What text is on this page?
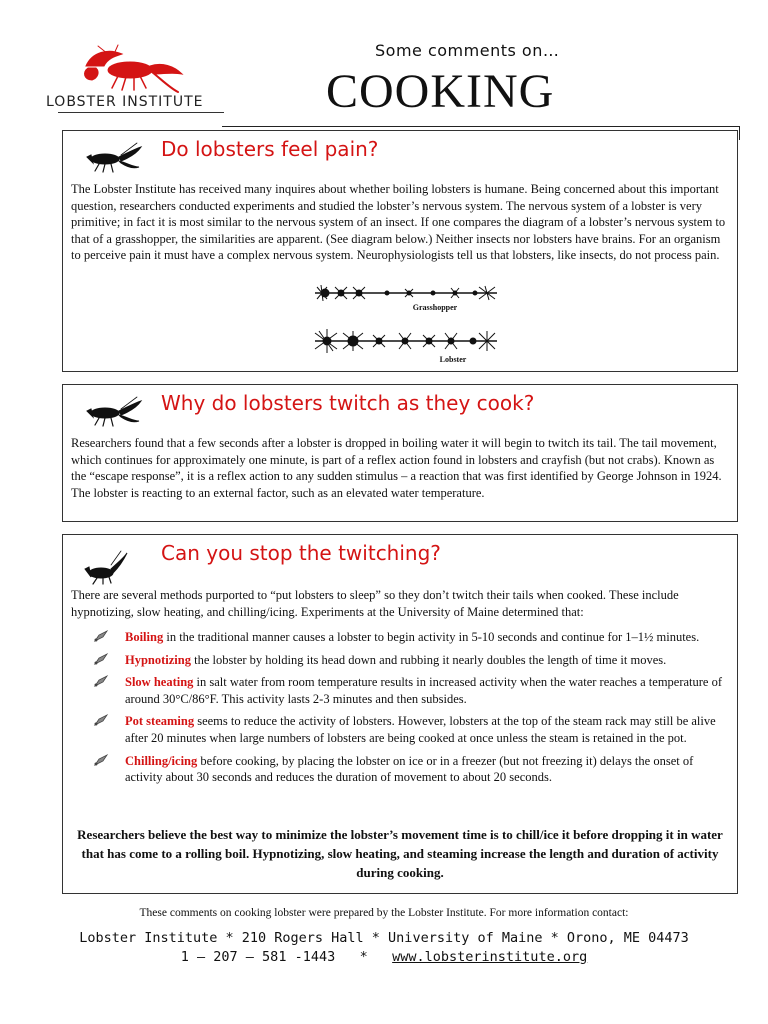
LOBSTER INSTITUTE
Some comments on…
COOKING
Do lobsters feel pain?
The Lobster Institute has received many inquires about whether boiling lobsters is humane. Being concerned about this important question, researchers conducted experiments and studied the lobster’s nervous system. The nervous system of a lobster is very primitive; in fact it is most similar to the nervous system of an insect. If one compares the diagram of a lobster’s nervous system to that of a grasshopper, the similarities are apparent. (See diagram below.) Neither insects nor lobsters have brains. For an organism to perceive pain it must have a complex nervous system. Neurophysiologists tell us that lobsters, like insects, do not process pain.
Grasshopper
Lobster
Why do lobsters twitch as they cook?
Researchers found that a few seconds after a lobster is dropped in boiling water it will begin to twitch its tail. The tail movement, which continues for approximately one minute, is part of a reflex action found in lobsters and crayfish (but not crabs). Known as the “escape response”, it is a reflex action to any sudden stimulus – a reaction that was first identified by George Johnson in 1924. The lobster is reacting to an external factor, such as an elevated water temperature.
Can you stop the twitching?
There are several methods purported to “put lobsters to sleep” so they don’t twitch their tails when cooked. These include hypnotizing, slow heating, and chilling/icing. Experiments at the University of Maine determined that:
Boiling in the traditional manner causes a lobster to begin activity in 5-10 seconds and continue for 1–1½ minutes.
Hypnotizing the lobster by holding its head down and rubbing it nearly doubles the length of time it moves.
Slow heating in salt water from room temperature results in increased activity when the water reaches a temperature of around 30°C/86°F. This activity lasts 2-3 minutes and then subsides.
Pot steaming seems to reduce the activity of lobsters. However, lobsters at the top of the steam rack may still be alive after 20 minutes when large numbers of lobsters are being cooked at once unless the steam is retained in the pot.
Chilling/icing before cooking, by placing the lobster on ice or in a freezer (but not freezing it) delays the onset of activity about 30 seconds and reduces the duration of movement to about 20 seconds.
Researchers believe the best way to minimize the lobster’s movement time is to chill/ice it before dropping it in water that has come to a rolling boil. Hypnotizing, slow heating, and steaming increase the length and duration of activity during cooking.
These comments on cooking lobster were prepared by the Lobster Institute. For more information contact:
Lobster Institute * 210 Rogers Hall * University of Maine * Orono, ME 04473
1 – 207 – 581 -1443 * www.lobsterinstitute.org
